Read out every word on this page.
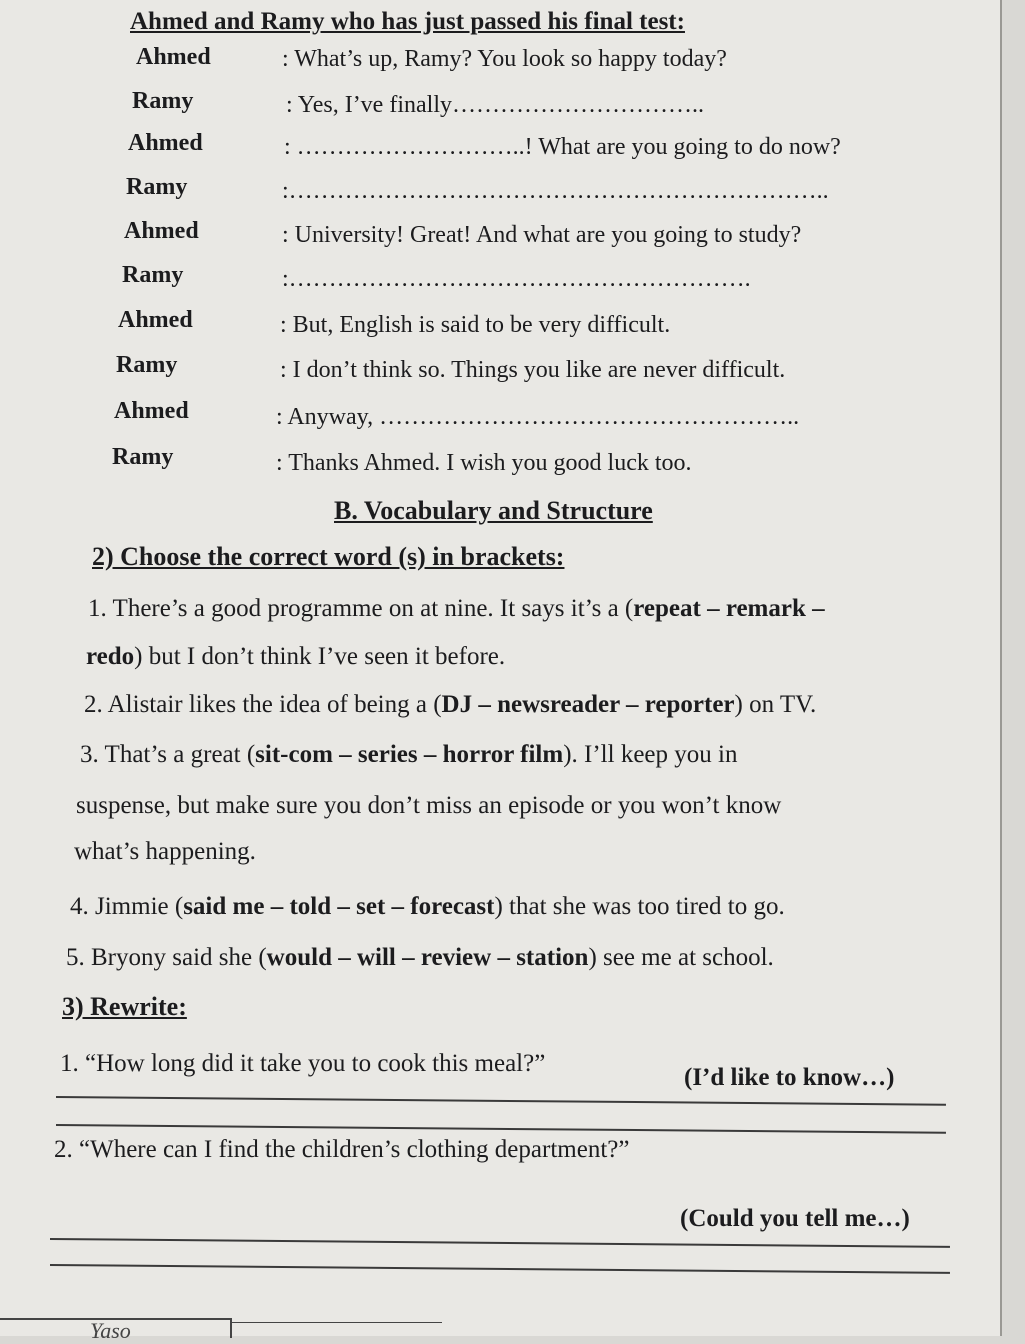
Ahmed and Ramy who has just passed his final test:
Ahmed	: What’s up, Ramy? You look so happy today?
Ramy	: Yes, I’ve finally…………………………..
Ahmed	: ………………………..! What are you going to do now?
Ramy	:…………………………………………………………..
Ahmed	: University! Great! And what are you going to study?
Ramy	:………………………………………………….
Ahmed	: But, English is said to be very difficult.
Ramy	: I don’t think so. Things you like are never difficult.
Ahmed	: Anyway, ……………………………………………..
Ramy	: Thanks Ahmed. I wish you good luck too.
B. Vocabulary and Structure
2) Choose the correct word (s) in brackets:
1. There’s a good programme on at nine. It says it’s a (repeat – remark –
redo) but I don’t think I’ve seen it before.
2. Alistair likes the idea of being a (DJ – newsreader – reporter) on TV.
3. That’s a great (sit-com – series – horror film). I’ll keep you in
suspense, but make sure you don’t miss an episode or you won’t know
what’s happening.
4. Jimmie (said me – told – set – forecast) that she was too tired to go.
5. Bryony said she (would – will – review – station) see me at school.
3) Rewrite:
1. “How long did it take you to cook this meal?”
(I’d like to know…)
2. “Where can I find the children’s clothing department?”
(Could you tell me…)
Yaso
